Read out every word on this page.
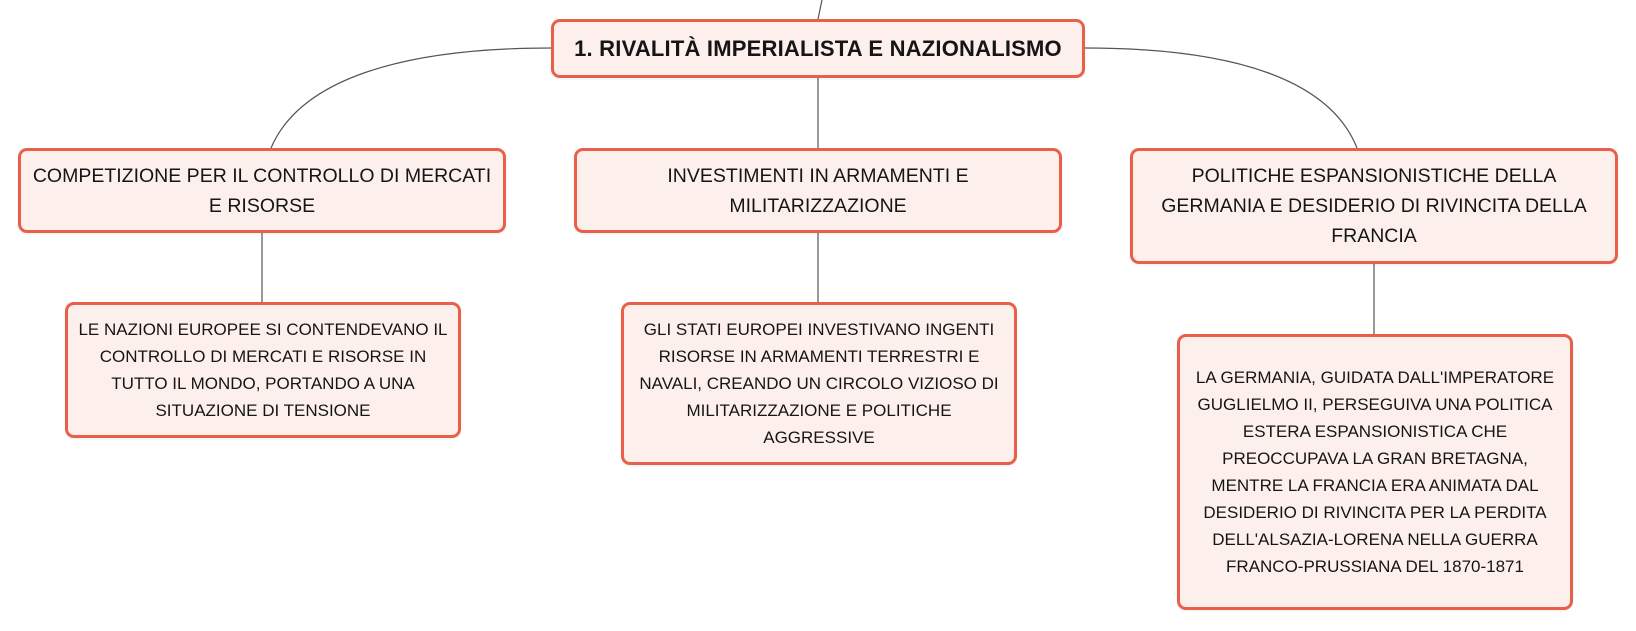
1. RIVALITÀ IMPERIALISTA E NAZIONALISMO
COMPETIZIONE PER IL CONTROLLO DI MERCATI E RISORSE
INVESTIMENTI IN ARMAMENTI E MILITARIZZAZIONE
POLITICHE ESPANSIONISTICHE DELLA GERMANIA E DESIDERIO DI RIVINCITA DELLA FRANCIA
LE NAZIONI EUROPEE SI CONTENDEVANO IL CONTROLLO DI MERCATI E RISORSE IN TUTTO IL MONDO, PORTANDO A UNA SITUAZIONE DI TENSIONE
GLI STATI EUROPEI INVESTIVANO INGENTI RISORSE IN ARMAMENTI TERRESTRI E NAVALI, CREANDO UN CIRCOLO VIZIOSO DI MILITARIZZAZIONE E POLITICHE AGGRESSIVE
LA GERMANIA, GUIDATA DALL'IMPERATORE GUGLIELMO II, PERSEGUIVA UNA POLITICA ESTERA ESPANSIONISTICA CHE PREOCCUPAVA LA GRAN BRETAGNA, MENTRE LA FRANCIA ERA ANIMATA DAL DESIDERIO DI RIVINCITA PER LA PERDITA DELL'ALSAZIA-LORENA NELLA GUERRA FRANCO-PRUSSIANA DEL 1870-1871
